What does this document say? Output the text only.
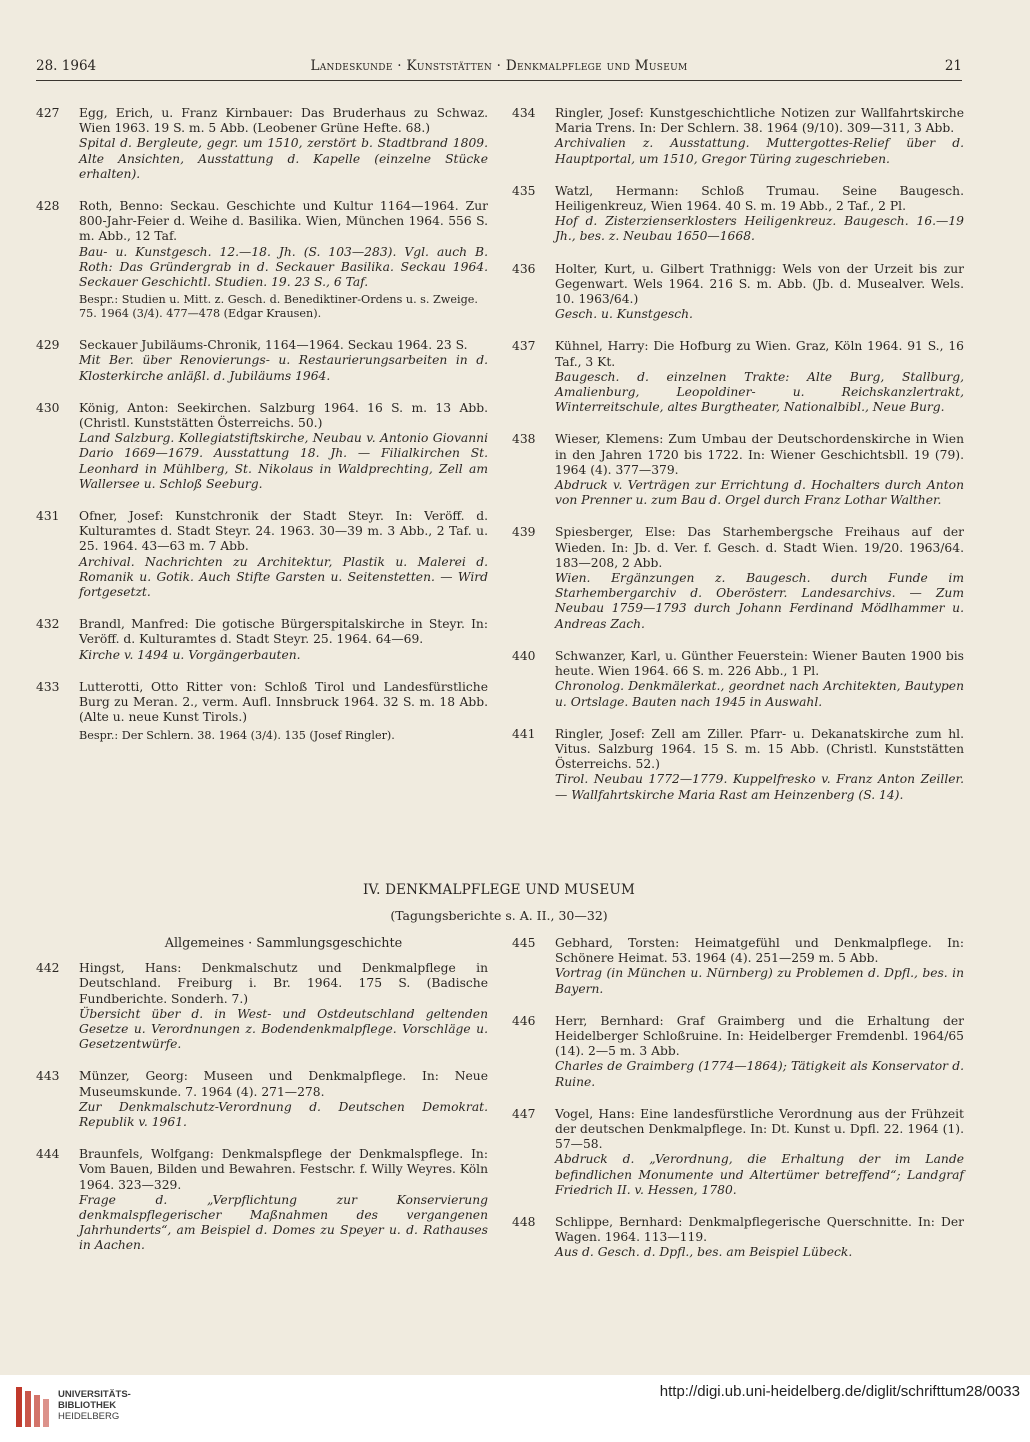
28. 1964	Landeskunde · Kunststätten · Denkmalpflege und Museum	21
427 Egg, Erich, u. Franz Kirnbauer: Das Bruderhaus zu Schwaz. Wien 1963. 19 S. m. 5 Abb. (Leobener Grüne Hefte. 68.)
Spital d. Bergleute, gegr. um 1510, zerstört b. Stadtbrand 1809. Alte Ansichten, Ausstattung d. Kapelle (einzelne Stücke erhalten).
428 Roth, Benno: Seckau. Geschichte und Kultur 1164—1964. Zur 800-Jahr-Feier d. Weihe d. Basilika. Wien, München 1964. 556 S. m. Abb., 12 Taf.
Bau- u. Kunstgesch. 12.—18. Jh. (S. 103—283). Vgl. auch B. Roth: Das Gründergrab in d. Seckauer Basilika. Seckau 1964. Seckauer Geschichtl. Studien. 19. 23 S., 6 Taf.
Bespr.: Studien u. Mitt. z. Gesch. d. Benediktiner-Ordens u. s. Zweige. 75. 1964 (3/4). 477—478 (Edgar Krausen).
429 Seckauer Jubiläums-Chronik, 1164—1964. Seckau 1964. 23 S.
Mit Ber. über Renovierungs- u. Restaurierungsarbeiten in d. Klosterkirche anläßl. d. Jubiläums 1964.
430 König, Anton: Seekirchen. Salzburg 1964. 16 S. m. 13 Abb. (Christl. Kunststätten Österreichs. 50.)
Land Salzburg. Kollegiatstiftskirche, Neubau v. Antonio Giovanni Dario 1669—1679. Ausstattung 18. Jh. — Filialkirchen St. Leonhard in Mühlberg, St. Nikolaus in Waldprechting, Zell am Wallersee u. Schloß Seeburg.
431 Ofner, Josef: Kunstchronik der Stadt Steyr. In: Veröff. d. Kulturamtes d. Stadt Steyr. 24. 1963. 30—39 m. 3 Abb., 2 Taf. u. 25. 1964. 43—63 m. 7 Abb.
Archival. Nachrichten zu Architektur, Plastik u. Malerei d. Romanik u. Gotik. Auch Stifte Garsten u. Seitenstetten. — Wird fortgesetzt.
432 Brandl, Manfred: Die gotische Bürgerspitalskirche in Steyr. In: Veröff. d. Kulturamtes d. Stadt Steyr. 25. 1964. 64—69.
Kirche v. 1494 u. Vorgängerbauten.
433 Lutterotti, Otto Ritter von: Schloß Tirol und Landesfürstliche Burg zu Meran. 2., verm. Aufl. Innsbruck 1964. 32 S. m. 18 Abb. (Alte u. neue Kunst Tirols.)
Bespr.: Der Schlern. 38. 1964 (3/4). 135 (Josef Ringler).
434 Ringler, Josef: Kunstgeschichtliche Notizen zur Wallfahrtskirche Maria Trens. In: Der Schlern. 38. 1964 (9/10). 309—311, 3 Abb.
Archivalien z. Ausstattung. Muttergottes-Relief über d. Hauptportal, um 1510, Gregor Türing zugeschrieben.
435 Watzl, Hermann: Schloß Trumau. Seine Baugesch. Heiligenkreuz, Wien 1964. 40 S. m. 19 Abb., 2 Taf., 2 Pl.
Hof d. Zisterzienserklosters Heiligenkreuz. Baugesch. 16.—19 Jh., bes. z. Neubau 1650—1668.
436 Holter, Kurt, u. Gilbert Trathnigg: Wels von der Urzeit bis zur Gegenwart. Wels 1964. 216 S. m. Abb. (Jb. d. Musealver. Wels. 10. 1963/64.)
Gesch. u. Kunstgesch.
437 Kühnel, Harry: Die Hofburg zu Wien. Graz, Köln 1964. 91 S., 16 Taf., 3 Kt.
Baugesch. d. einzelnen Trakte: Alte Burg, Stallburg, Amalienburg, Leopoldiner- u. Reichskanzlertrakt, Winterreitschule, altes Burgtheater, Nationalbibl., Neue Burg.
438 Wieser, Klemens: Zum Umbau der Deutschordenskirche in Wien in den Jahren 1720 bis 1722. In: Wiener Geschichtsbll. 19 (79). 1964 (4). 377—379.
Abdruck v. Verträgen zur Errichtung d. Hochalters durch Anton von Prenner u. zum Bau d. Orgel durch Franz Lothar Walther.
439 Spiesberger, Else: Das Starhembergsche Freihaus auf der Wieden. In: Jb. d. Ver. f. Gesch. d. Stadt Wien. 19/20. 1963/64. 183—208, 2 Abb.
Wien. Ergänzungen z. Baugesch. durch Funde im Starhembergarchiv d. Oberösterr. Landesarchivs. — Zum Neubau 1759—1793 durch Johann Ferdinand Mödlhammer u. Andreas Zach.
440 Schwanzer, Karl, u. Günther Feuerstein: Wiener Bauten 1900 bis heute. Wien 1964. 66 S. m. 226 Abb., 1 Pl.
Chronolog. Denkmälerkat., geordnet nach Architekten, Bautypen u. Ortslage. Bauten nach 1945 in Auswahl.
441 Ringler, Josef: Zell am Ziller. Pfarr- u. Dekanatskirche zum hl. Vitus. Salzburg 1964. 15 S. m. 15 Abb. (Christl. Kunststätten Österreichs. 52.)
Tirol. Neubau 1772—1779. Kuppelfresko v. Franz Anton Zeiller. — Wallfahrtskirche Maria Rast am Heinzenberg (S. 14).
IV. DENKMALPFLEGE UND MUSEUM
(Tagungsberichte s. A. II., 30—32)
Allgemeines · Sammlungsgeschichte
442 Hingst, Hans: Denkmalschutz und Denkmalpflege in Deutschland. Freiburg i. Br. 1964. 175 S. (Badische Fundberichte. Sonderh. 7.)
Übersicht über d. in West- und Ostdeutschland geltenden Gesetze u. Verordnungen z. Bodendenkmalpflege. Vorschläge u. Gesetzentwürfe.
443 Münzer, Georg: Museen und Denkmalpflege. In: Neue Museumskunde. 7. 1964 (4). 271—278.
Zur Denkmalschutz-Verordnung d. Deutschen Demokrat. Republik v. 1961.
444 Braunfels, Wolfgang: Denkmalspflege der Denkmalspflege. In: Vom Bauen, Bilden und Bewahren. Festschr. f. Willy Weyres. Köln 1964. 323—329.
Frage d. „Verpflichtung zur Konservierung denkmalspflegerischer Maßnahmen des vergangenen Jahrhunderts“, am Beispiel d. Domes zu Speyer u. d. Rathauses in Aachen.
445 Gebhard, Torsten: Heimatgefühl und Denkmalpflege. In: Schönere Heimat. 53. 1964 (4). 251—259 m. 5 Abb.
Vortrag (in München u. Nürnberg) zu Problemen d. Dpfl., bes. in Bayern.
446 Herr, Bernhard: Graf Graimberg und die Erhaltung der Heidelberger Schloßruine. In: Heidelberger Fremdenbl. 1964/65 (14). 2—5 m. 3 Abb.
Charles de Graimberg (1774—1864); Tätigkeit als Konservator d. Ruine.
447 Vogel, Hans: Eine landesfürstliche Verordnung aus der Frühzeit der deutschen Denkmalpflege. In: Dt. Kunst u. Dpfl. 22. 1964 (1). 57—58.
Abdruck d. „Verordnung, die Erhaltung der im Lande befindlichen Monumente und Altertümer betreffend“; Landgraf Friedrich II. v. Hessen, 1780.
448 Schlippe, Bernhard: Denkmalpflegerische Querschnitte. In: Der Wagen. 1964. 113—119.
Aus d. Gesch. d. Dpfl., bes. am Beispiel Lübeck.
UNIVERSITÄTS-
BIBLIOTHEK
HEIDELBERG
http://digi.ub.uni-heidelberg.de/diglit/schrifttum28/0033
